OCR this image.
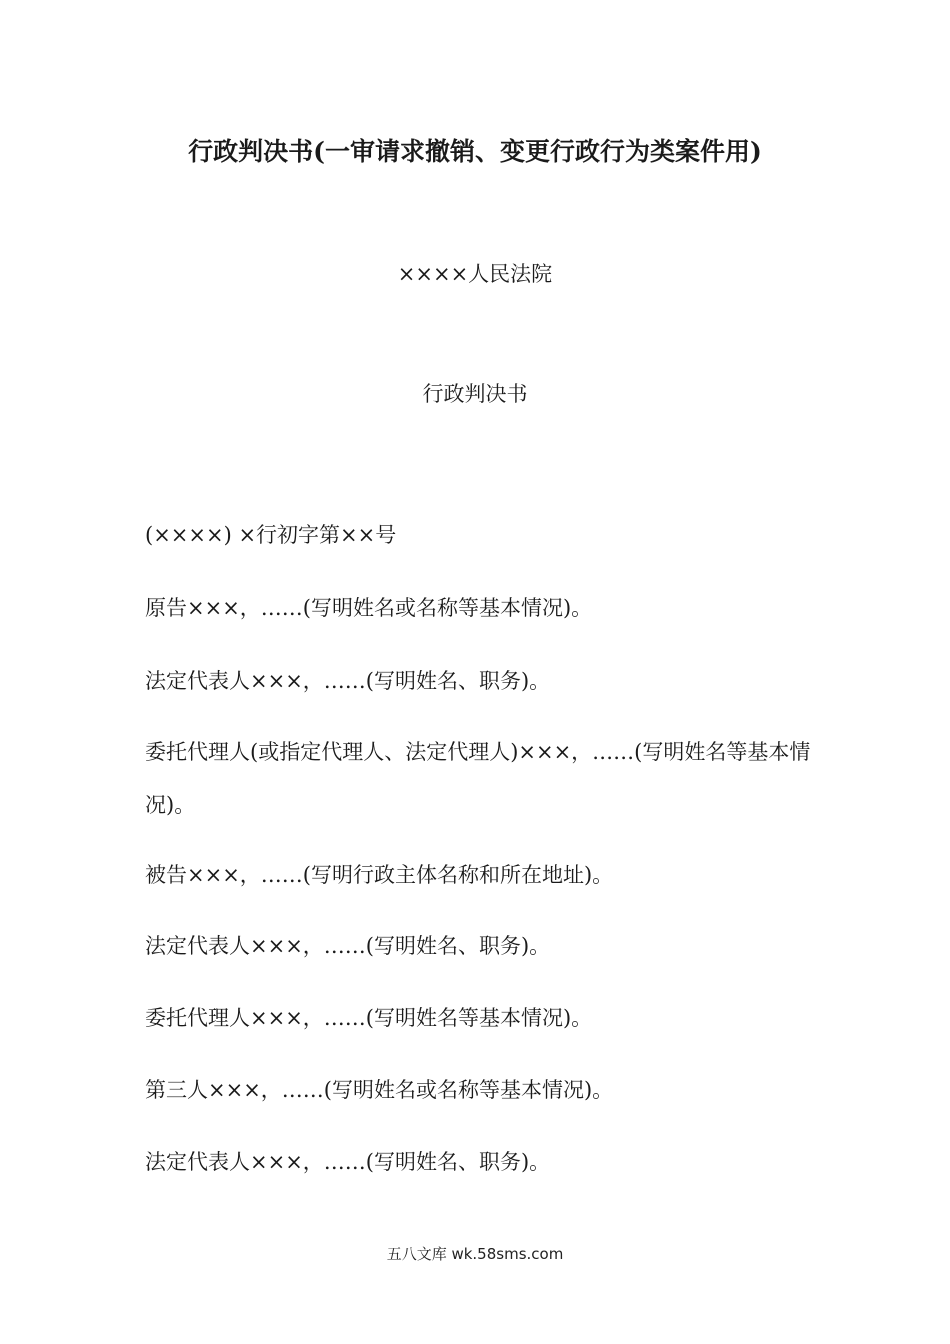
行政判决书(一审请求撤销、变更行政行为类案件用)

××××人民法院

行政判决书

(××××) ×行初字第××号

原告×××，……(写明姓名或名称等基本情况)。

法定代表人×××，……(写明姓名、职务)。

委托代理人(或指定代理人、法定代理人)×××，……(写明姓名等基本情况)。

被告×××，……(写明行政主体名称和所在地址)。

法定代表人×××，……(写明姓名、职务)。

委托代理人×××，……(写明姓名等基本情况)。

第三人×××，……(写明姓名或名称等基本情况)。

法定代表人×××，……(写明姓名、职务)。

五八文库 wk.58sms.com
